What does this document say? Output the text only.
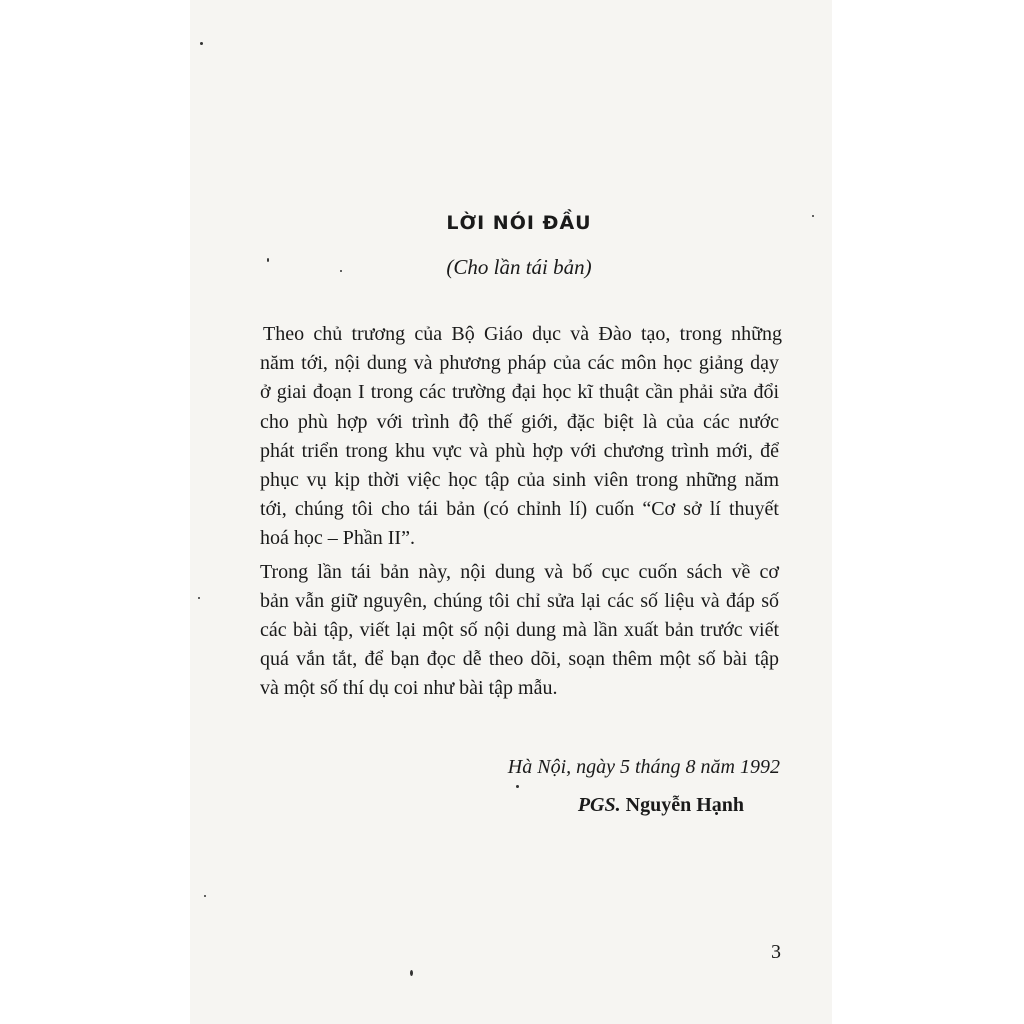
LỜI NÓI ĐẦU
(Cho lần tái bản)

Theo chủ trương của Bộ Giáo dục và Đào tạo, trong những
năm tới, nội dung và phương pháp của các môn học giảng dạy
ở giai đoạn I trong các trường đại học kĩ thuật cần phải sửa đổi
cho phù hợp với trình độ thế giới, đặc biệt là của các nước
phát triển trong khu vực và phù hợp với chương trình mới, để
phục vụ kịp thời việc học tập của sinh viên trong những năm
tới, chúng tôi cho tái bản (có chỉnh lí) cuốn “Cơ sở lí thuyết
hoá học – Phần II”.

Trong lần tái bản này, nội dung và bố cục cuốn sách về cơ
bản vẫn giữ nguyên, chúng tôi chỉ sửa lại các số liệu và đáp số
các bài tập, viết lại một số nội dung mà lần xuất bản trước viết
quá vắn tắt, để bạn đọc dễ theo dõi, soạn thêm một số bài tập
và một số thí dụ coi như bài tập mẫu.

Hà Nội, ngày 5 tháng 8 năm 1992
PGS. Nguyễn Hạnh
3
